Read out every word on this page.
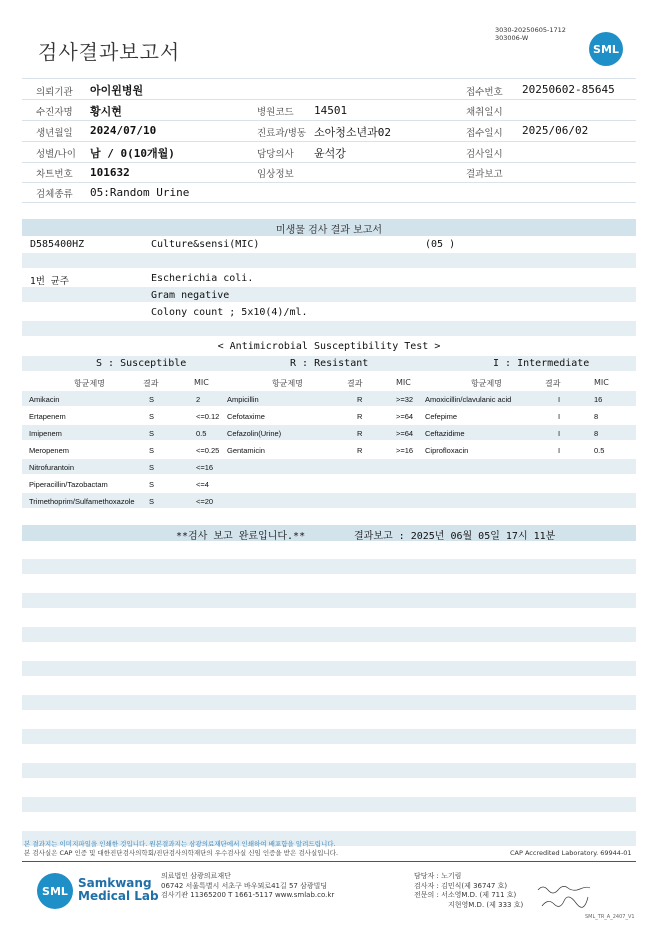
검사결과보고서
3030-20250605-1712
303006-W
SML
의뢰기관 아이윈병원	접수번호 20250602-85645
수진자명 황시현	병원코드 14501	채취일시
생년월일 2024/07/10	진료과/병동 소아청소년과02	접수일시 2025/06/02
성별/나이 남 / 0(10개월)	담당의사 윤석강	검사일시
차트번호 101632	임상정보	결과보고
검체종류 05:Random Urine
미생물 검사 결과 보고서
D585400HZ	Culture&sensi(MIC)	(05 )
1번 균주	Escherichia coli.
Gram negative
Colony count ; 5x10(4)/ml.
< Antimicrobial Susceptibility Test >
S : Susceptible	R : Resistant	I : Intermediate
항균제명	결과	MIC	항균제명	결과	MIC	항균제명	결과	MIC
Amikacin	S	2	Ampicillin	R	>=32 Amoxicillin/clavulanic acid	I	16
Ertapenem	S	<=0.12 Cefotaxime	R	>=64 Cefepime	I	8
Imipenem	S	0.5	Cefazolin(Urine)	R	>=64 Ceftazidime	I	8
Meropenem	S	<=0.25 Gentamicin	R	>=16 Ciprofloxacin	I	0.5
Nitrofurantoin	S	<=16
Piperacillin/Tazobactam	S	<=4
Trimethoprim/Sulfamethoxazole S	<=20
**검사 보고 완료입니다.**	결과보고 : 2025년 06월 05일 17시 11분
본 결과지는 이미지파일을 인쇄한 것입니다. 원본결과지는 삼광의료재단에서 인쇄하여 배포함을 알려드립니다.
본 검사실은 CAP 인증 및 대한진단검사의학회/진단검사의학재단의 우수검사실 신임 인증을 받은 검사실입니다.	CAP Accredited Laboratory. 69944-01
SML
Samkwang
Medical Lab
의료법인 삼광의료재단
06742 서울특별시 서초구 바우뫼로41길 57 삼광빌딩
검사기관 11365200 T 1661-5117 www.smlab.co.kr
담당자 : 노기림
검사자 : 김민식(제 36747 호)
전문의 : 서소영M.D. (제 711 호)
지현영M.D. (제 333 호)
SML_TR_A_2407_V1
